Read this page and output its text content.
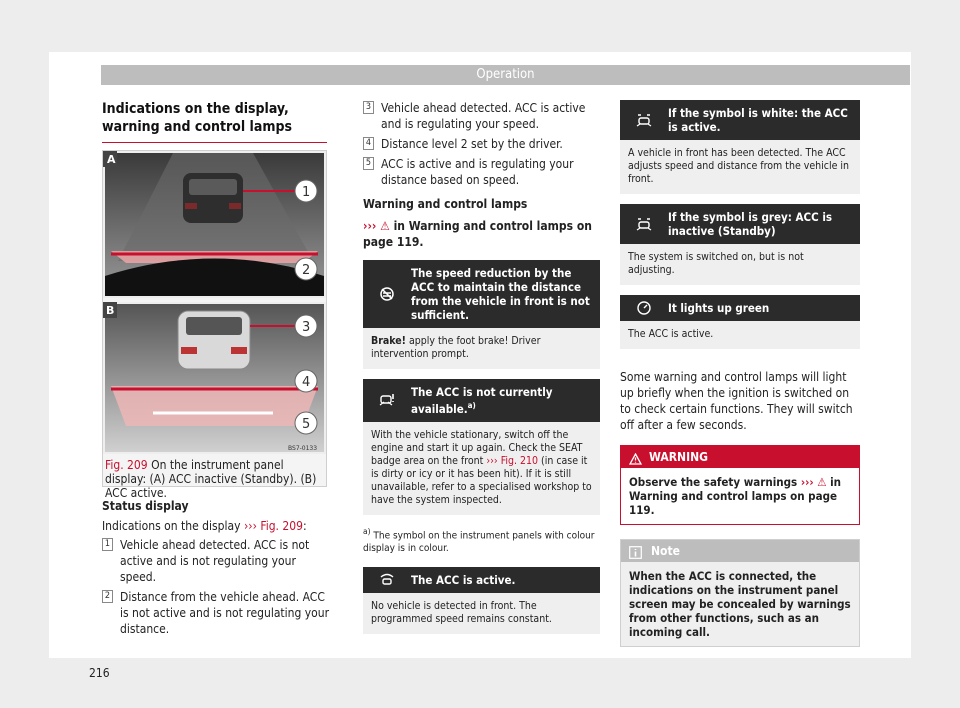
Operation
216
Indications on the display, warning and control lamps
A
1
2
B
3
4
5
BS7-0133
Fig. 209 On the instrument panel display: (A) ACC inactive (Standby). (B) ACC active.
Status display
Indications on the display ››› Fig. 209:
1 Vehicle ahead detected. ACC is not active and is not regulating your speed.
2 Distance from the vehicle ahead. ACC is not active and is not regulating your distance.
3 Vehicle ahead detected. ACC is active and is regulating your speed.
4 Distance level 2 set by the driver.
5 ACC is active and is regulating your distance based on speed.
Warning and control lamps
››› ⚠ in Warning and control lamps on page 119.
The speed reduction by the ACC to maintain the distance from the vehicle in front is not sufficient.
Brake! apply the foot brake! Driver intervention prompt.
The ACC is not currently available.$^{a)}$
With the vehicle stationary, switch off the engine and start it up again. Check the SEAT badge area on the front ››› Fig. 210 (in case it is dirty or icy or it has been hit). If it is still unavailable, refer to a specialised workshop to have the system inspected.
$^{a)}$ The symbol on the instrument panels with colour display is in colour.
The ACC is active.
No vehicle is detected in front. The programmed speed remains constant.
If the symbol is white: the ACC is active.
A vehicle in front has been detected. The ACC adjusts speed and distance from the vehicle in front.
If the symbol is grey: ACC is inactive (Standby)
The system is switched on, but is not adjusting.
It lights up green
The ACC is active.
Some warning and control lamps will light up briefly when the ignition is switched on to check certain functions. They will switch off after a few seconds.
WARNING
Observe the safety warnings ››› ⚠ in Warning and control lamps on page 119.
Note
When the ACC is connected, the indications on the instrument panel screen may be concealed by warnings from other functions, such as an incoming call.
